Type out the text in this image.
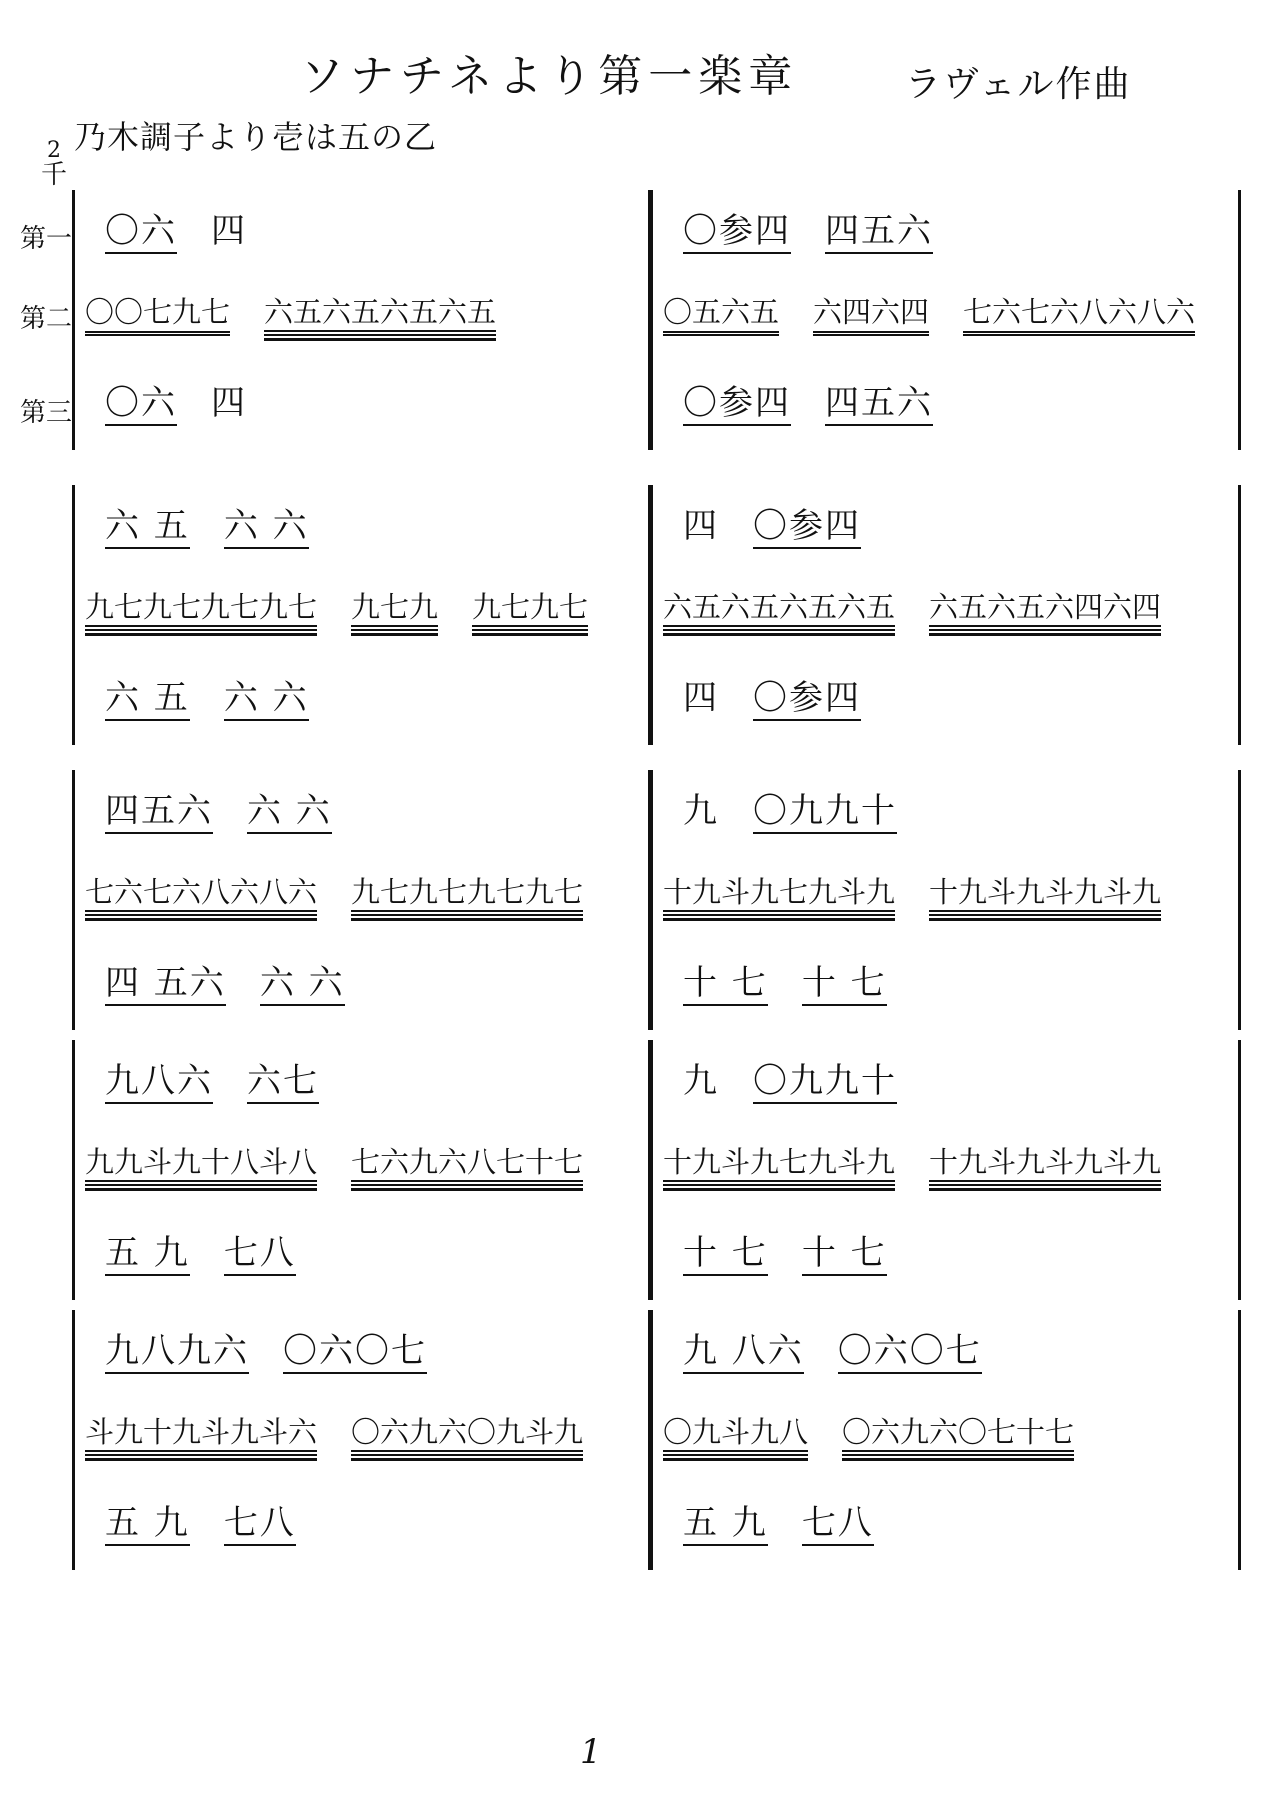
ソナチネより第一楽章	ラヴェル作曲
乃木調子より壱は五の乙
2
千
第一
第二
第三
〇六 四
〇〇七九七 六五六五六五六五
〇六 四
〇参四 四五六
〇五六五 六四六四 七六七六八六八六
〇参四 四五六
六 五 六 六
九七九七九七九七 九七九 九七九七
六 五 六 六
四 〇参四
六五六五六五六五 六五六五六四六四
四 〇参四
四五六 六 六
七六七六八六八六 九七九七九七九七
四 五六 六 六
九 〇九九十
十九斗九七九斗九 十九斗九斗九斗九
十 七 十 七
九八六 六七
九九斗九十八斗八 七六九六八七十七
五 九 七八
九 〇九九十
十九斗九七九斗九 十九斗九斗九斗九
十 七 十 七
九八九六 〇六〇七
斗九十九斗九斗六 〇六九六〇九斗九
五 九 七八
九 八六 〇六〇七
〇九斗九八 〇六九六〇七十七
五 九 七八
1
